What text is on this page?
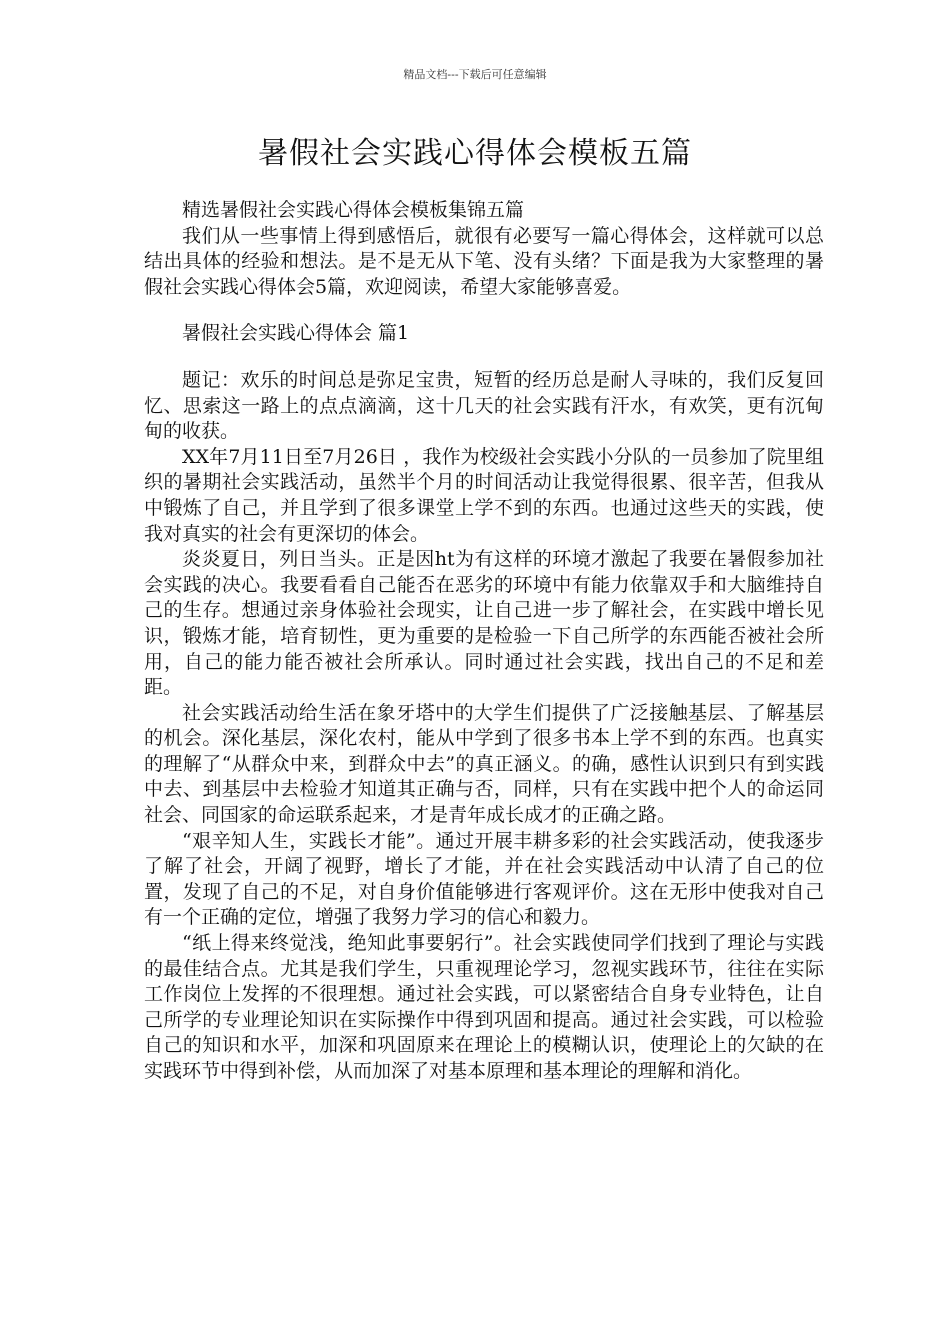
精品文档---下载后可任意编辑
暑假社会实践心得体会模板五篇

精选暑假社会实践心得体会模板集锦五篇

我们从一些事情上得到感悟后，就很有必要写一篇心得体会，这样就可以总结出具体的经验和想法。是不是无从下笔、没有头绪？下面是我为大家整理的暑假社会实践心得体会5篇，欢迎阅读，希望大家能够喜爱。

暑假社会实践心得体会 篇1

题记：欢乐的时间总是弥足宝贵，短暂的经历总是耐人寻味的，我们反复回忆、思索这一路上的点点滴滴，这十几天的社会实践有汗水，有欢笑，更有沉甸甸的收获。

XX年7月11日至7月26日 ，我作为校级社会实践小分队的一员参加了院里组织的暑期社会实践活动，虽然半个月的时间活动让我觉得很累、很辛苦，但我从中锻炼了自己，并且学到了很多课堂上学不到的东西。也通过这些天的实践，使我对真实的社会有更深切的体会。

炎炎夏日，列日当头。正是因ht为有这样的环境才激起了我要在暑假参加社会实践的决心。我要看看自己能否在恶劣的环境中有能力依靠双手和大脑维持自己的生存。想通过亲身体验社会现实，让自己进一步了解社会，在实践中增长见识，锻炼才能，培育韧性，更为重要的是检验一下自己所学的东西能否被社会所用，自己的能力能否被社会所承认。同时通过社会实践，找出自己的不足和差距。

社会实践活动给生活在象牙塔中的大学生们提供了广泛接触基层、了解基层的机会。深化基层，深化农村，能从中学到了很多书本上学不到的东西。也真实的理解了“从群众中来，到群众中去”的真正涵义。的确，感性认识到只有到实践中去、到基层中去检验才知道其正确与否，同样，只有在实践中把个人的命运同社会、同国家的命运联系起来，才是青年成长成才的正确之路。

“艰辛知人生，实践长才能”。通过开展丰耕多彩的社会实践活动，使我逐步了解了社会，开阔了视野，增长了才能，并在社会实践活动中认清了自己的位置，发现了自己的不足，对自身价值能够进行客观评价。这在无形中使我对自己有一个正确的定位，增强了我努力学习的信心和毅力。

“纸上得来终觉浅，绝知此事要躬行”。社会实践使同学们找到了理论与实践的最佳结合点。尤其是我们学生，只重视理论学习，忽视实践环节，往往在实际工作岗位上发挥的不很理想。通过社会实践，可以紧密结合自身专业特色，让自己所学的专业理论知识在实际操作中得到巩固和提高。通过社会实践，可以检验自己的知识和水平，加深和巩固原来在理论上的模糊认识，使理论上的欠缺的在实践环节中得到补偿，从而加深了对基本原理和基本理论的理解和消化。
